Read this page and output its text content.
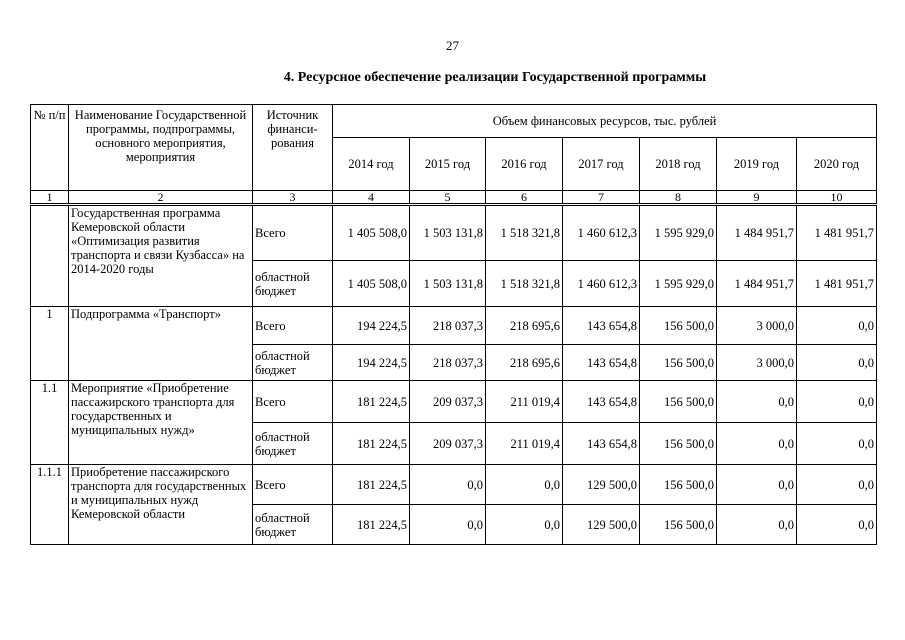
27
4. Ресурсное обеспечение реализации Государственной программы
№ п/п	Наименование Государственной программы, подпрограммы, основного мероприятия, мероприятия	Источник финанси-рования	Объем финансовых ресурсов, тыс. рублей						
			2014 год	2015 год	2016 год	2017 год	2018 год	2019 год	2020 год
1	2	3	4	5	6	7	8	9	10
	Государственная программа Кемеровской области «Оптимизация развития транспорта и связи Кузбасса» на 2014-2020 годы	Всего	1 405 508,0	1 503 131,8	1 518 321,8	1 460 612,3	1 595 929,0	1 484 951,7	1 481 951,7
		областной бюджет	1 405 508,0	1 503 131,8	1 518 321,8	1 460 612,3	1 595 929,0	1 484 951,7	1 481 951,7
1	Подпрограмма «Транспорт»	Всего	194 224,5	218 037,3	218 695,6	143 654,8	156 500,0	3 000,0	0,0
		областной бюджет	194 224,5	218 037,3	218 695,6	143 654,8	156 500,0	3 000,0	0,0
1.1	Мероприятие «Приобретение пассажирского транспорта для государственных и муниципальных нужд»	Всего	181 224,5	209 037,3	211 019,4	143 654,8	156 500,0	0,0	0,0
		областной бюджет	181 224,5	209 037,3	211 019,4	143 654,8	156 500,0	0,0	0,0
1.1.1	Приобретение пассажирского транспорта для государственных и муниципальных нужд Кемеровской области	Всего	181 224,5	0,0	0,0	129 500,0	156 500,0	0,0	0,0
		областной бюджет	181 224,5	0,0	0,0	129 500,0	156 500,0	0,0	0,0
